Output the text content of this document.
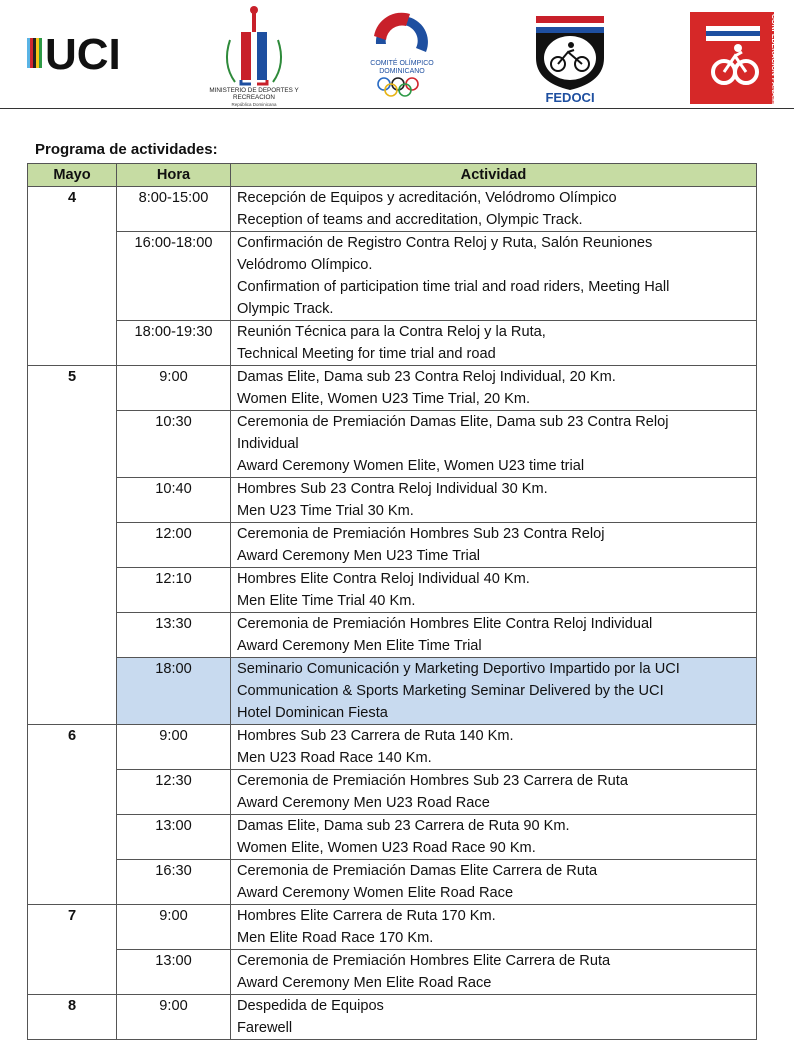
UCI
MINISTERIO DE DEPORTES Y
RECREACION
República Dominicana
COMITÉ OLÍMPICO
DOMINICANO
FEDOCI	CONFEDERACION PANAMERICANA
Programa de actividades:
Mayo	Hora	Actividad
4	8:00-15:00	Recepción de Equipos y acreditación, Velódromo Olímpico
Reception of teams and accreditation, Olympic Track.

	16:00-18:00	Confirmación de Registro Contra Reloj y Ruta, Salón Reuniones
Velódromo Olímpico.
Confirmation of participation time trial and road riders, Meeting Hall
Olympic Track.

	18:00-19:30	Reunión Técnica para la Contra Reloj y la Ruta,
Technical Meeting for time trial and road

5	9:00	Damas Elite, Dama sub 23 Contra Reloj Individual, 20 Km.
Women Elite, Women U23 Time Trial, 20 Km.

	10:30	Ceremonia de Premiación Damas Elite, Dama sub 23 Contra Reloj
Individual
Award Ceremony Women Elite, Women U23 time trial

	10:40	Hombres Sub 23 Contra Reloj Individual 30 Km.
Men U23 Time Trial 30 Km.

	12:00	Ceremonia de Premiación Hombres Sub 23 Contra Reloj
Award Ceremony Men U23 Time Trial

	12:10	Hombres Elite Contra Reloj Individual 40 Km.
Men Elite Time Trial 40 Km.

	13:30	Ceremonia de Premiación Hombres Elite Contra Reloj Individual
Award Ceremony Men Elite Time Trial

	18:00	Seminario Comunicación y Marketing Deportivo Impartido por la UCI
Communication & Sports Marketing Seminar Delivered by the UCI
Hotel Dominican Fiesta

6	9:00	Hombres Sub 23 Carrera de Ruta 140 Km.
Men U23 Road Race 140 Km.

	12:30	Ceremonia de Premiación Hombres Sub 23 Carrera de Ruta
Award Ceremony Men U23 Road Race

	13:00	Damas Elite, Dama sub 23 Carrera de Ruta 90 Km.
Women Elite, Women U23 Road Race 90 Km.

	16:30	Ceremonia de Premiación Damas Elite Carrera de Ruta
Award Ceremony Women Elite Road Race

7	9:00	Hombres Elite Carrera de Ruta 170 Km.
Men Elite Road Race 170 Km.

	13:00	Ceremonia de Premiación Hombres Elite Carrera de Ruta
Award Ceremony Men Elite Road Race

8	9:00	Despedida de Equipos
Farewell
